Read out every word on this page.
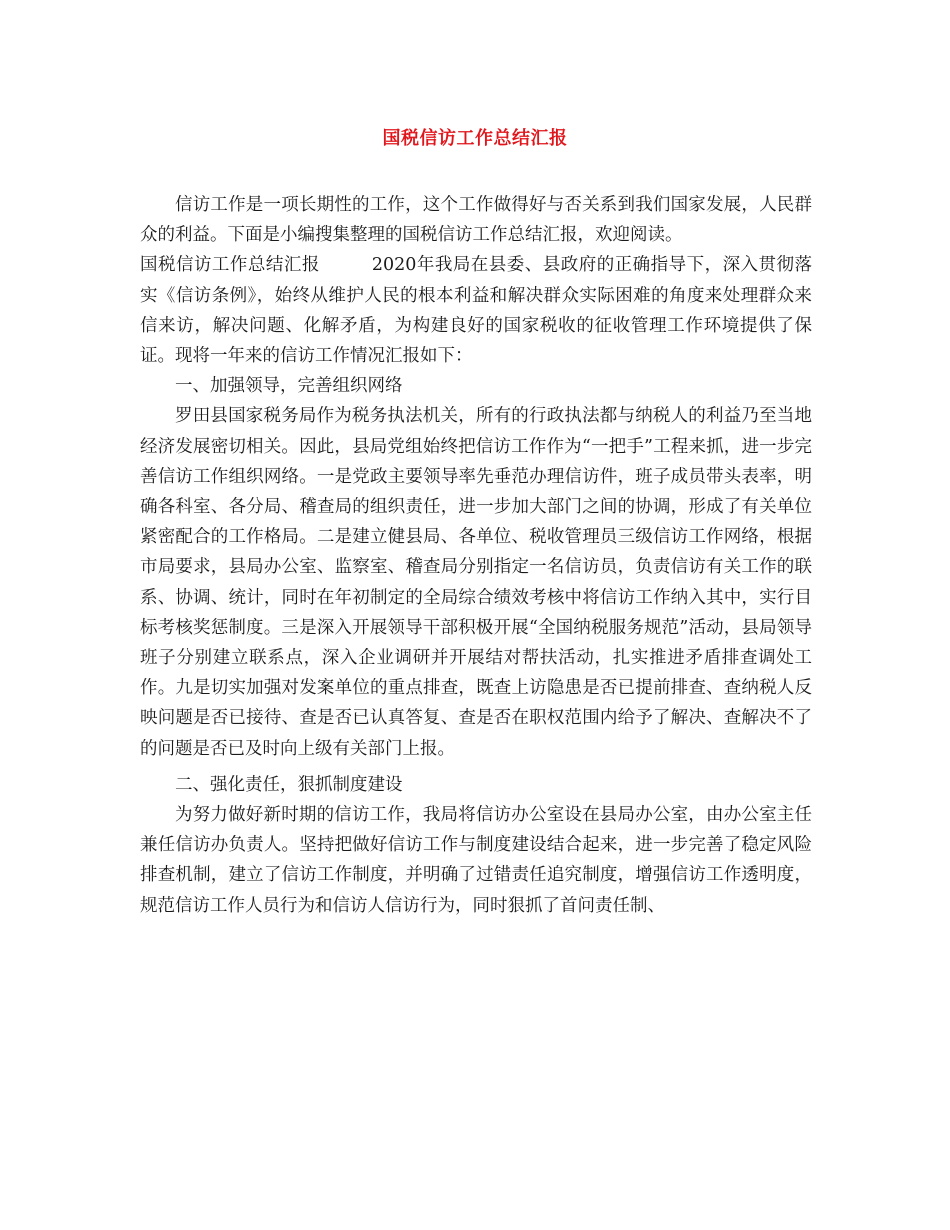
国税信访工作总结汇报

信访工作是一项长期性的工作，这个工作做得好与否关系到我们国家发展，人民群众的利益。下面是小编搜集整理的国税信访工作总结汇报，欢迎阅读。

国税信访工作总结汇报	2020年我局在县委、县政府的正确指导下，深入贯彻落实《信访条例》，始终从维护人民的根本利益和解决群众实际困难的角度来处理群众来信来访，解决问题、化解矛盾，为构建良好的国家税收的征收管理工作环境提供了保证。现将一年来的信访工作情况汇报如下：

一、加强领导，完善组织网络

罗田县国家税务局作为税务执法机关，所有的行政执法都与纳税人的利益乃至当地经济发展密切相关。因此，县局党组始终把信访工作作为“一把手”工程来抓，进一步完善信访工作组织网络。一是党政主要领导率先垂范办理信访件，班子成员带头表率，明确各科室、各分局、稽查局的组织责任，进一步加大部门之间的协调，形成了有关单位紧密配合的工作格局。二是建立健县局、各单位、税收管理员三级信访工作网络，根据市局要求，县局办公室、监察室、稽查局分别指定一名信访员，负责信访有关工作的联系、协调、统计，同时在年初制定的全局综合绩效考核中将信访工作纳入其中，实行目标考核奖惩制度。三是深入开展领导干部积极开展“全国纳税服务规范”活动，县局领导班子分别建立联系点，深入企业调研并开展结对帮扶活动，扎实推进矛盾排查调处工作。九是切实加强对发案单位的重点排查，既查上访隐患是否已提前排查、查纳税人反映问题是否已接待、查是否已认真答复、查是否在职权范围内给予了解决、查解决不了的问题是否已及时向上级有关部门上报。

二、强化责任，狠抓制度建设

为努力做好新时期的信访工作，我局将信访办公室设在县局办公室，由办公室主任兼任信访办负责人。坚持把做好信访工作与制度建设结合起来，进一步完善了稳定风险排查机制，建立了信访工作制度，并明确了过错责任追究制度，增强信访工作透明度，规范信访工作人员行为和信访人信访行为，同时狠抓了首问责任制、
